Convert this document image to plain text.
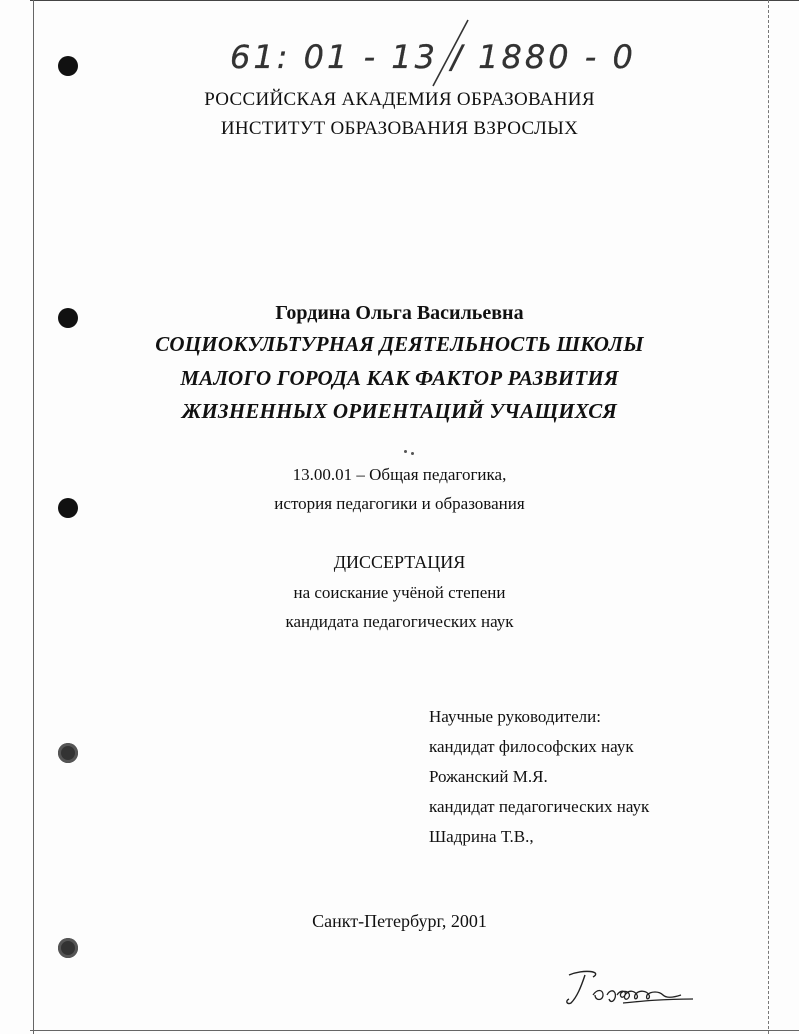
61: 01 - 13 / 1880 - 0
РОССИЙСКАЯ АКАДЕМИЯ ОБРАЗОВАНИЯ
ИНСТИТУТ ОБРАЗОВАНИЯ ВЗРОСЛЫХ
Гордина Ольга Васильевна
СОЦИОКУЛЬТУРНАЯ ДЕЯТЕЛЬНОСТЬ ШКОЛЫ
МАЛОГО ГОРОДА КАК ФАКТОР РАЗВИТИЯ
ЖИЗНЕННЫХ ОРИЕНТАЦИЙ УЧАЩИХСЯ
13.00.01 – Общая педагогика,
история педагогики и образования
ДИССЕРТАЦИЯ
на соискание учёной степени
кандидата педагогических наук
Научные руководители:
кандидат философских наук
Рожанский М.Я.
кандидат педагогических наук
Шадрина Т.В.,
Санкт-Петербург, 2001
